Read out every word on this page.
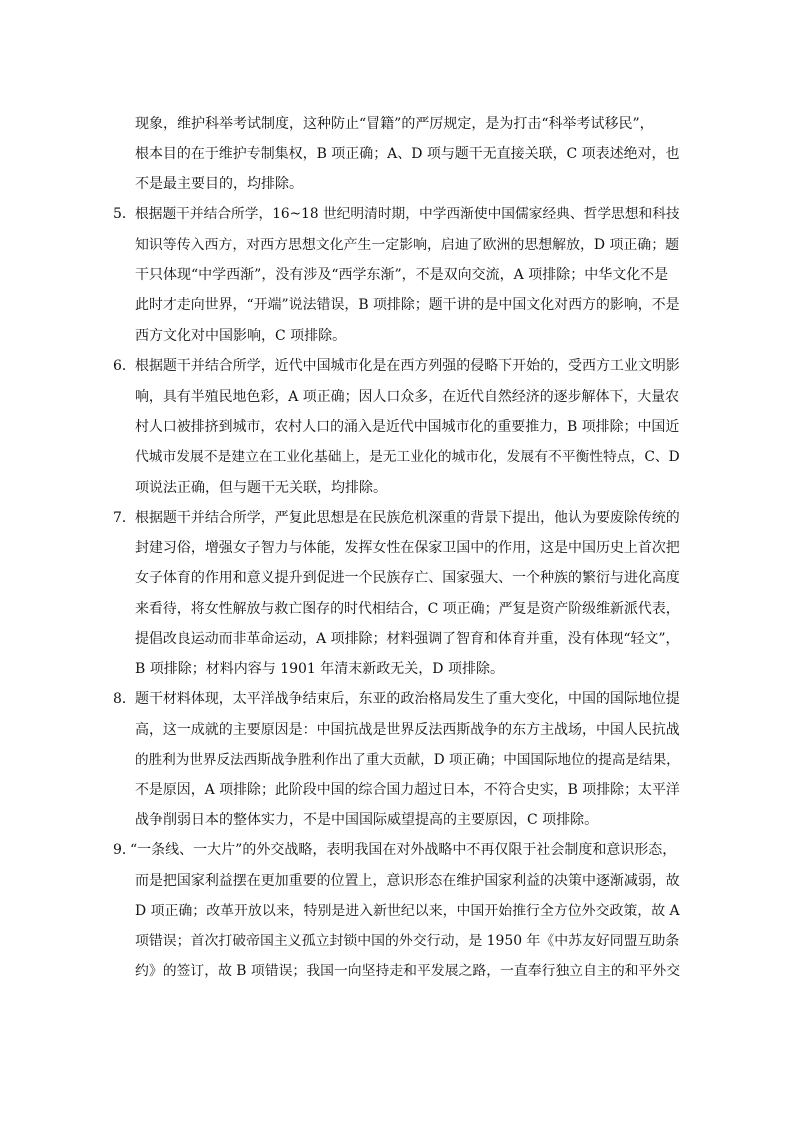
现象，维护科举考试制度，这种防止“冒籍”的严厉规定，是为打击“科举考试移民”，
根本目的在于维护专制集权，B 项正确；A、D 项与题干无直接关联，C 项表述绝对，也
不是最主要目的，均排除。
5． 根据题干并结合所学，16~18 世纪明清时期，中学西渐使中国儒家经典、哲学思想和科技
知识等传入西方，对西方思想文化产生一定影响，启迪了欧洲的思想解放，D 项正确；题
干只体现“中学西渐”，没有涉及“西学东渐”，不是双向交流，A 项排除；中华文化不是
此时才走向世界，“开端”说法错误，B 项排除；题干讲的是中国文化对西方的影响，不是
西方文化对中国影响，C 项排除。
6． 根据题干并结合所学，近代中国城市化是在西方列强的侵略下开始的，受西方工业文明影
响，具有半殖民地色彩，A 项正确；因人口众多，在近代自然经济的逐步解体下，大量农
村人口被排挤到城市，农村人口的涌入是近代中国城市化的重要推力，B 项排除；中国近
代城市发展不是建立在工业化基础上，是无工业化的城市化，发展有不平衡性特点，C、D
项说法正确，但与题干无关联，均排除。
7． 根据题干并结合所学，严复此思想是在民族危机深重的背景下提出，他认为要废除传统的
封建习俗，增强女子智力与体能，发挥女性在保家卫国中的作用，这是中国历史上首次把
女子体育的作用和意义提升到促进一个民族存亡、国家强大、一个种族的繁衍与进化高度
来看待，将女性解放与救亡图存的时代相结合，C 项正确；严复是资产阶级维新派代表，
提倡改良运动而非革命运动，A 项排除；材料强调了智育和体育并重，没有体现“轻文”，
B 项排除；材料内容与 1901 年清末新政无关，D 项排除。
8． 题干材料体现，太平洋战争结束后，东亚的政治格局发生了重大变化，中国的国际地位提
高，这一成就的主要原因是：中国抗战是世界反法西斯战争的东方主战场，中国人民抗战
的胜利为世界反法西斯战争胜利作出了重大贡献，D 项正确；中国国际地位的提高是结果，
不是原因，A 项排除；此阶段中国的综合国力超过日本，不符合史实，B 项排除；太平洋
战争削弱日本的整体实力，不是中国国际威望提高的主要原因，C 项排除。
9．
“一条线、一大片”的外交战略，表明我国在对外战略中不再仅限于社会制度和意识形态，
而是把国家利益摆在更加重要的位置上，意识形态在维护国家利益的决策中逐渐减弱，故
D 项正确；改革开放以来，特别是进入新世纪以来，中国开始推行全方位外交政策，故 A
项错误；首次打破帝国主义孤立封锁中国的外交行动，是 1950 年《中苏友好同盟互助条
约》的签订，故 B 项错误；我国一向坚持走和平发展之路，一直奉行独立自主的和平外交
